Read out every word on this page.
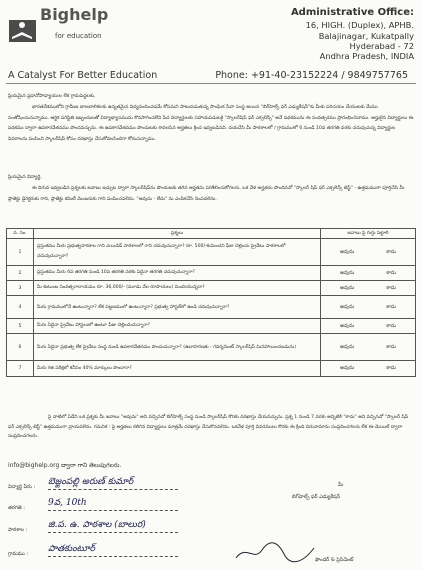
Bighelp
for education
Administrative Office:
16, HIGH. (Duplex), APHB.
Balajinagar, Kukatpally
Hyderabad - 72
Andhra Pradesh, INDIA
A Catalyst For Better Education	Phone: +91-40-23152224 / 9849757765
ప్రియమైన ప్రధానోపాధ్యాయుల లేక గ్రామపెద్దలకు,
భారతదేశములోని గ్రామీణ బాలబాలికలకు ఉన్నతమైన విద్యనందించడమే కోసమని పాటుపడుతున్న సాంఘిక సేవా సంస్థ అయిన "బిగ్‌హెల్ప్ ఫర్ ఎడ్యుకేషన్"కు మీకు పరిచయం చేయుటకు మేము సంతోషించుచున్నాము. ఆర్థిక పరిస్థితి ఇబ్బందులతో విద్యాభ్యాసమును కొనసాగించలేని పేద విద్యార్థులకు సహాయపడుటకై "స్కాలర్‌షిప్ ఫర్ ఎక్సలెన్స్" అనే పథకమును ఈ సంవత్సరము ప్రారంభించినాము. అర్హులైన విద్యార్థులు ఈ పథకము ద్వారా ఉపకారవేతనము పొందవచ్చును. ఈ ఉపకారవేతనము పొందుటకు కావలసిన అర్హతలు క్రింద ఇవ్వబడినవి. దయచేసి మీ పాఠశాలలో / గ్రామములో 6 నుండి 10వ తరగతి వరకు చదువుచున్న విద్యార్థుల వివరాలను పంపించి స్కాలర్‌షిప్ కోసం దరఖాస్తు చేసుకోవలసిందిగా కోరుచున్నాము.
ప్రియమైన విద్యార్థి,
ఈ దిగువ ఇవ్వబడిన ప్రశ్నలకు జవాబు ఇచ్చుట ద్వారా స్కాలర్‌షిప్‌ను పొందుటకు తగిన అర్హతను పరిశీలించుకోగలరు. ఒక వేళ అర్హతను పొందినచో "స్కాలర్ షిప్ ఫర్ ఎక్సలెన్స్ టెస్ట్" - ఉత్తమముగా పూర్తిచేసి మీ ప్రాజెక్టు డైరెక్టరుకు గాని, ప్రాజెక్టు కమిటీ మెంబరుకు గాని పంపించవలెను. "అవును - లేదు" ను ఎంపికచేసి నింపవలెను.
వ. సం.	ప్రశ్నలు	జవాబు పై గుర్తు పెట్టాలి
1	ప్రస్తుతము మీరు ప్రభుత్వపాఠశాల గాని ఎయిడెడ్ పాఠశాలలో గాని చదువుచున్నారా? రూ. 500/-కుమించని ఫీజు చెల్లించు ప్రైవేటు పాఠశాలలో చదువుచున్నారా?	అవును కాదు

2	ప్రస్తుతము మీరు 6వ తరగతి నుండి 10వ తరగతి వరకు ఏదైనా తరగతి చదువుచున్నారా?	అవును కాదు

3	మీ కుటుంబ సంవత్సరాదాయము రూ. 36,000/- (మూడు వేల రూపాయలు) మించియున్నదా?	అవును కాదు

4	మీరు గ్రామములోనే ఉంటున్నారా? లేక పట్టణములో ఉంటున్నారా? ప్రభుత్వ హాస్టల్‌లో ఉండి చదువుచున్నారా?	అవును కాదు

5	మీరు ఏదైనా ప్రైవేటు హాస్టలులో ఉంటూ ఫీజు చెల్లించుచున్నారా?	అవును కాదు

6	మీరు ఏదైనా ప్రభుత్వ లేక ప్రైవేటు సంస్థ నుండి ఉపకారవేతనము పొందుచున్నారా? (ఉదాహరణకు - గవర్నమెంట్ స్కాలర్‌షిప్ మినహాయించబడును)	అవును కాదు

7	మీరు గత పరీక్షలో కనీసం 40% మార్కులు పొందారా?	అవును కాదు
పై వాటిలో ఏదేని ఒక ప్రశ్నకు మీ జవాబు "అవును" అని వచ్చినచో బిగ్‌హెల్ప్ సంస్థ నుండి స్కాలర్‌షిప్ కొరకు దరఖాస్తు చేయవచ్చును. ప్రశ్న 1 నుండి 7 వరకు అన్నిటికి "కాదు" అని వచ్చినచో "స్కాలర్ షిప్ ఫర్ ఎక్సలెన్స్ టెస్ట్" ఉత్తమముగా వ్రాయవలెను. గమనిక : పై అర్హతలు కలిగిన విద్యార్థులు మాత్రమే దరఖాస్తు చేసుకొనవలెను. ఒకవేళ పూర్తి వివరములు కొరకు ఈ క్రింది చిరునామాను సంప్రదించగలరు లేక ఈ-మెయిల్ ద్వారా సంప్రదించగలరు.
info@bighelp.org ద్వారా గాని తెలుపుగలరు.
విద్యార్థి పేరు : బెజ్జంపల్లి అరుణ్ కుమార్
తరగతి :	9వ, 10th
పాఠశాల : జి.ప. ఉ. పాఠశాల (బాలుర)
గ్రామము : పాతకుంటూర్
మీ
బిగ్‌హెల్ప్ ఫర్ ఎడ్యుకేషన్
ఫౌండర్ & ప్రెసిడెంట్
